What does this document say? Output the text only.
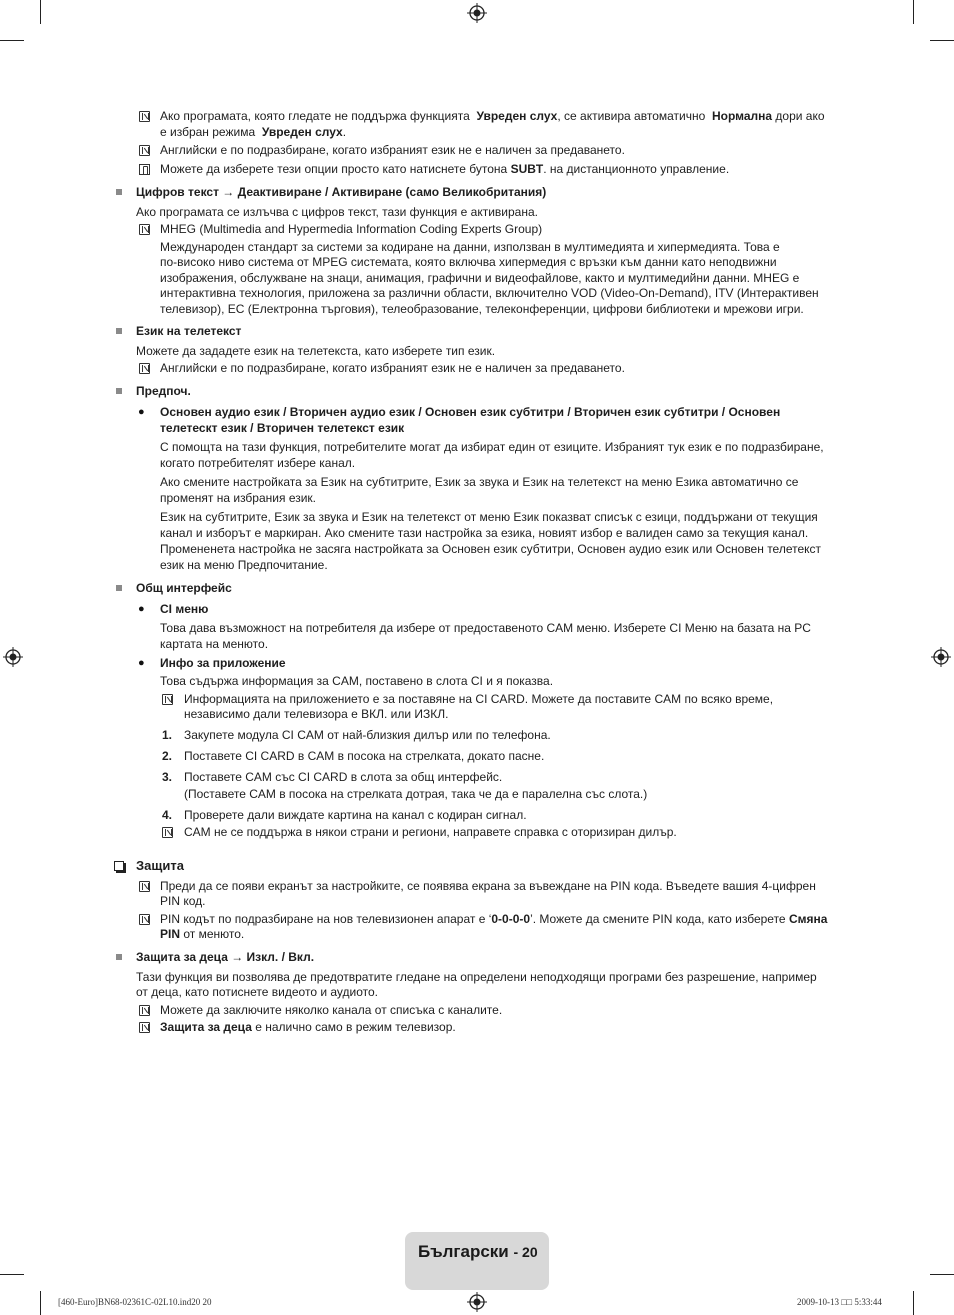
Ако програмата, която гледате не поддържа функцията Увреден слух, се активира автоматично Нормална дори ако
е избран режима Увреден слух.
Английски е по подразбиране, когато избраният език не е наличен за предаването.
Можете да изберете тези опции просто като натиснете бутона SUBT. на дистанционното управление.
Цифров текст → Деактивиране / Активиране (само Великобритания)
Ако програмата се излъчва с цифров текст, тази функция е активирана.
MHEG (Multimedia and Hypermedia Information Coding Experts Group)
Международен стандарт за системи за кодиране на данни, използван в мултимедията и хипермедията. Това е
по-високо ниво система от MPEG системата, която включва хипермедия с връзки към данни като неподвижни
изображения, обслужване на знаци, анимация, графични и видеофайлове, както и мултимедийни данни. MHEG е
интерактивна технология, приложена за различни области, включително VOD (Video-On-Demand), ITV (Интерактивен
телевизор), EC (Електронна търговия), телеобразование, телеконференции, цифрови библиотеки и мрежови игри.
Език на телетекст
Можете да зададете език на телетекста, като изберете тип език.
Английски е по подразбиране, когато избраният език не е наличен за предаването.
Предпоч.
● Основен аудио език / Вторичен аудио език / Основен език субтитри / Вторичен език субтитри / Основен
телетескт език / Вторичен телетекст език
С помощта на тази функция, потребителите могат да избират един от езиците. Избраният тук език е по подразбиране,
когато потребителят избере канал.
Ако смените настройката за Език на субтитрите, Език за звука и Език на телетекст на меню Езика автоматично се
променят на избрания език.
Език на субтитрите, Език за звука и Език на телетекст от меню Език показват списък с езици, поддържани от текущия
канал и изборът е маркиран. Ако смените тази настройка за езика, новият избор е валиден само за текущия канал.
Промененета настройка не засяга настройката за Основен език субтитри, Основен аудио език или Основен телетекст
език на меню Предпочитание.
Общ интерфейс
● CI меню
Това дава възможност на потребителя да избере от предоставеното CAM меню. Изберете CI Меню на базата на PC
картата на менюто.
● Инфо за приложение
Това съдържа информация за CAM, поставено в слота CI и я показва.
Информацията на приложението е за поставяне на CI CARD. Можете да поставите CAM по всяко време,
независимо дали телевизора е ВКЛ. или ИЗКЛ.
1. Закупете модула CI CAM от най-близкия дилър или по телефона.
2. Поставете CI CARD в CAM в посока на стрелката, докато пасне.
3. Поставете CAM със CI CARD в слота за общ интерфейс.
(Поставете CAM в посока на стрелката дотрая, така че да е паралелна със слота.)
4. Проверете дали виждате картина на канал с кодиран сигнал.
CAM не се поддържа в някои страни и региони, направете справка с оторизиран дилър.
Защита
Преди да се появи екранът за настройките, се появява екрана за въвеждане на PIN кода. Въведете вашия 4-цифрен
PIN код.
PIN кодът по подразбиране на нов телевизионен апарат е ‘0-0-0-0’. Можете да смените PIN кода, като изберете Смяна
PIN от менюто.
Защита за деца → Изкл. / Вкл.
Тази функция ви позволява де предотвратите гледане на определени неподходящи програми без разрешение, например
от деца, като потиснете видеото и аудиото.
Можете да заключите няколко канала от списъка с каналите.
Защита за деца е налично само в режим телевизор.
Български - 20
[460-Euro]BN68-02361C-02L10.ind20 20	2009-10-13 □□ 5:33:44
